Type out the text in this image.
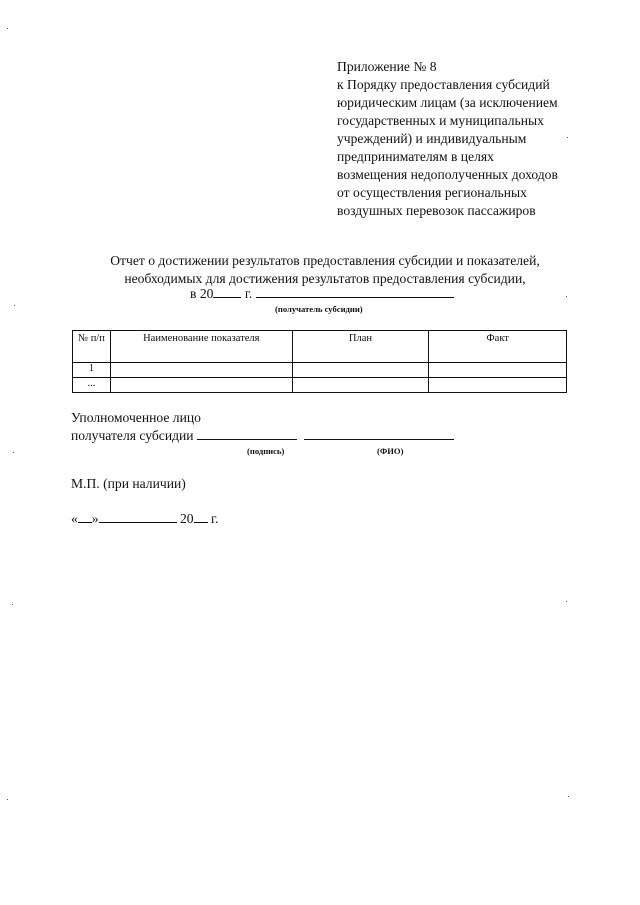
Приложение № 8
к Порядку предоставления субсидий
юридическим лицам (за исключением
государственных и муниципальных
учреждений) и индивидуальным
предпринимателям в целях
возмещения недополученных доходов
от осуществления региональных
воздушных перевозок пассажиров
Отчет о достижении результатов предоставления субсидии и показателей,
необходимых для достижения результатов предоставления субсидии,
в 20 г.
(получатель субсидии)
№ п/п	Наименование показателя	План	Факт
1			
...			
Уполномоченное лицо
получателя субсидии
(подпись)	(ФИО)
М.П. (при наличии)
« »	20 г.
